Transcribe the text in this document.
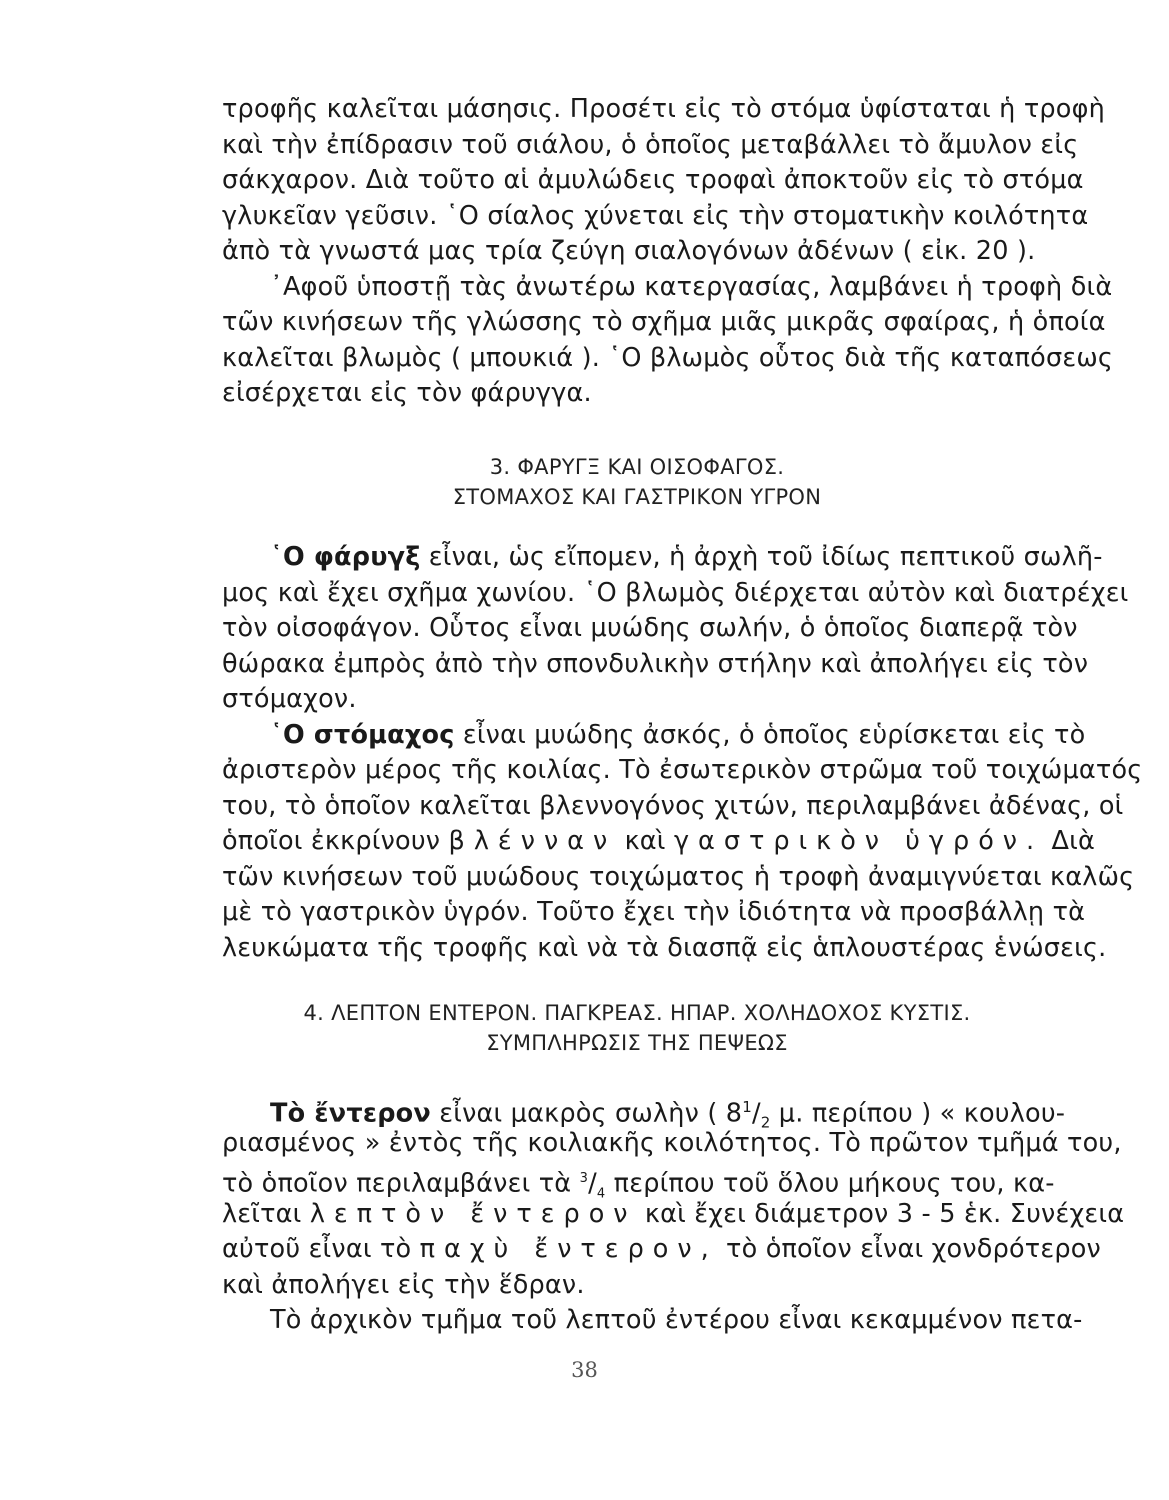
τροφῆς καλεῖται μάσησις. Προσέτι εἰς τὸ στόμα ὑφίσταται ἡ τροφὴ
καὶ τὴν ἐπίδρασιν τοῦ σιάλου, ὁ ὁποῖος μεταβάλλει τὸ ἄμυλον εἰς
σάκχαρον. Διὰ τοῦτο αἱ ἀμυλώδεις τροφαὶ ἀποκτοῦν εἰς τὸ στόμα
γλυκεῖαν γεῦσιν. ῾Ο σίαλος χύνεται εἰς τὴν στοματικὴν κοιλότητα
ἀπὸ τὰ γνωστά μας τρία ζεύγη σιαλογόνων ἀδένων ( εἰκ. 20 ).
᾿Αφοῦ ὑποστῇ τὰς ἀνωτέρω κατεργασίας, λαμβάνει ἡ τροφὴ διὰ
τῶν κινήσεων τῆς γλώσσης τὸ σχῆμα μιᾶς μικρᾶς σφαίρας, ἡ ὁποία
καλεῖται βλωμὸς ( μπουκιά ). ῾Ο βλωμὸς οὗτος διὰ τῆς καταπόσεως
εἰσέρχεται εἰς τὸν φάρυγγα.
3. ΦΑΡΥΓΞ ΚΑΙ ΟΙΣΟΦΑΓΟΣ.
ΣΤΟΜΑΧΟΣ ΚΑΙ ΓΑΣΤΡΙΚΟΝ ΥΓΡΟΝ
῾Ο φάρυγξ εἶναι, ὡς εἴπομεν, ἡ ἀρχὴ τοῦ ἰδίως πεπτικοῦ σωλῆ-
μος καὶ ἔχει σχῆμα χωνίου. ῾Ο βλωμὸς διέρχεται αὐτὸν καὶ διατρέχει
τὸν οἰσοφάγον. Οὗτος εἶναι μυώδης σωλήν, ὁ ὁποῖος διαπερᾷ τὸν
θώρακα ἐμπρὸς ἀπὸ τὴν σπονδυλικὴν στήλην καὶ ἀπολήγει εἰς τὸν
στόμαχον.
῾Ο στόμαχος εἶναι μυώδης ἀσκός, ὁ ὁποῖος εὑρίσκεται εἰς τὸ
ἀριστερὸν μέρος τῆς κοιλίας. Τὸ ἐσωτερικὸν στρῶμα τοῦ τοιχώματός
του, τὸ ὁποῖον καλεῖται βλεννογόνος χιτών, περιλαμβάνει ἀδένας, οἱ
ὁποῖοι ἐκκρίνουν βλένναν καὶ γαστρικὸν ὑγρόν. Διὰ
τῶν κινήσεων τοῦ μυώδους τοιχώματος ἡ τροφὴ ἀναμιγνύεται καλῶς
μὲ τὸ γαστρικὸν ὑγρόν. Τοῦτο ἔχει τὴν ἰδιότητα νὰ προσβάλλῃ τὰ
λευκώματα τῆς τροφῆς καὶ νὰ τὰ διασπᾷ εἰς ἁπλουστέρας ἑνώσεις.
4. ΛΕΠΤΟΝ ΕΝΤΕΡΟΝ. ΠΑΓΚΡΕΑΣ. ΗΠΑΡ. ΧΟΛΗΔΟΧΟΣ ΚΥΣΤΙΣ.
ΣΥΜΠΛΗΡΩΣΙΣ ΤΗΣ ΠΕΨΕΩΣ
Τὸ ἔντερον εἶναι μακρὸς σωλὴν ( $8^1/_2$ μ. περίπου ) « κουλου-
ριασμένος » ἐντὸς τῆς κοιλιακῆς κοιλότητος. Τὸ πρῶτον τμῆμά του,
τὸ ὁποῖον περιλαμβάνει τὰ $^3/_4$ περίπου τοῦ ὅλου μήκους του, κα-
λεῖται λεπτὸν ἔντερον καὶ ἔχει διάμετρον 3 - 5 ἑκ. Συνέχεια
αὐτοῦ εἶναι τὸ παχὺ ἔντερον, τὸ ὁποῖον εἶναι χονδρότερον
καὶ ἀπολήγει εἰς τὴν ἕδραν.
Τὸ ἀρχικὸν τμῆμα τοῦ λεπτοῦ ἐντέρου εἶναι κεκαμμένον πετα-
38
